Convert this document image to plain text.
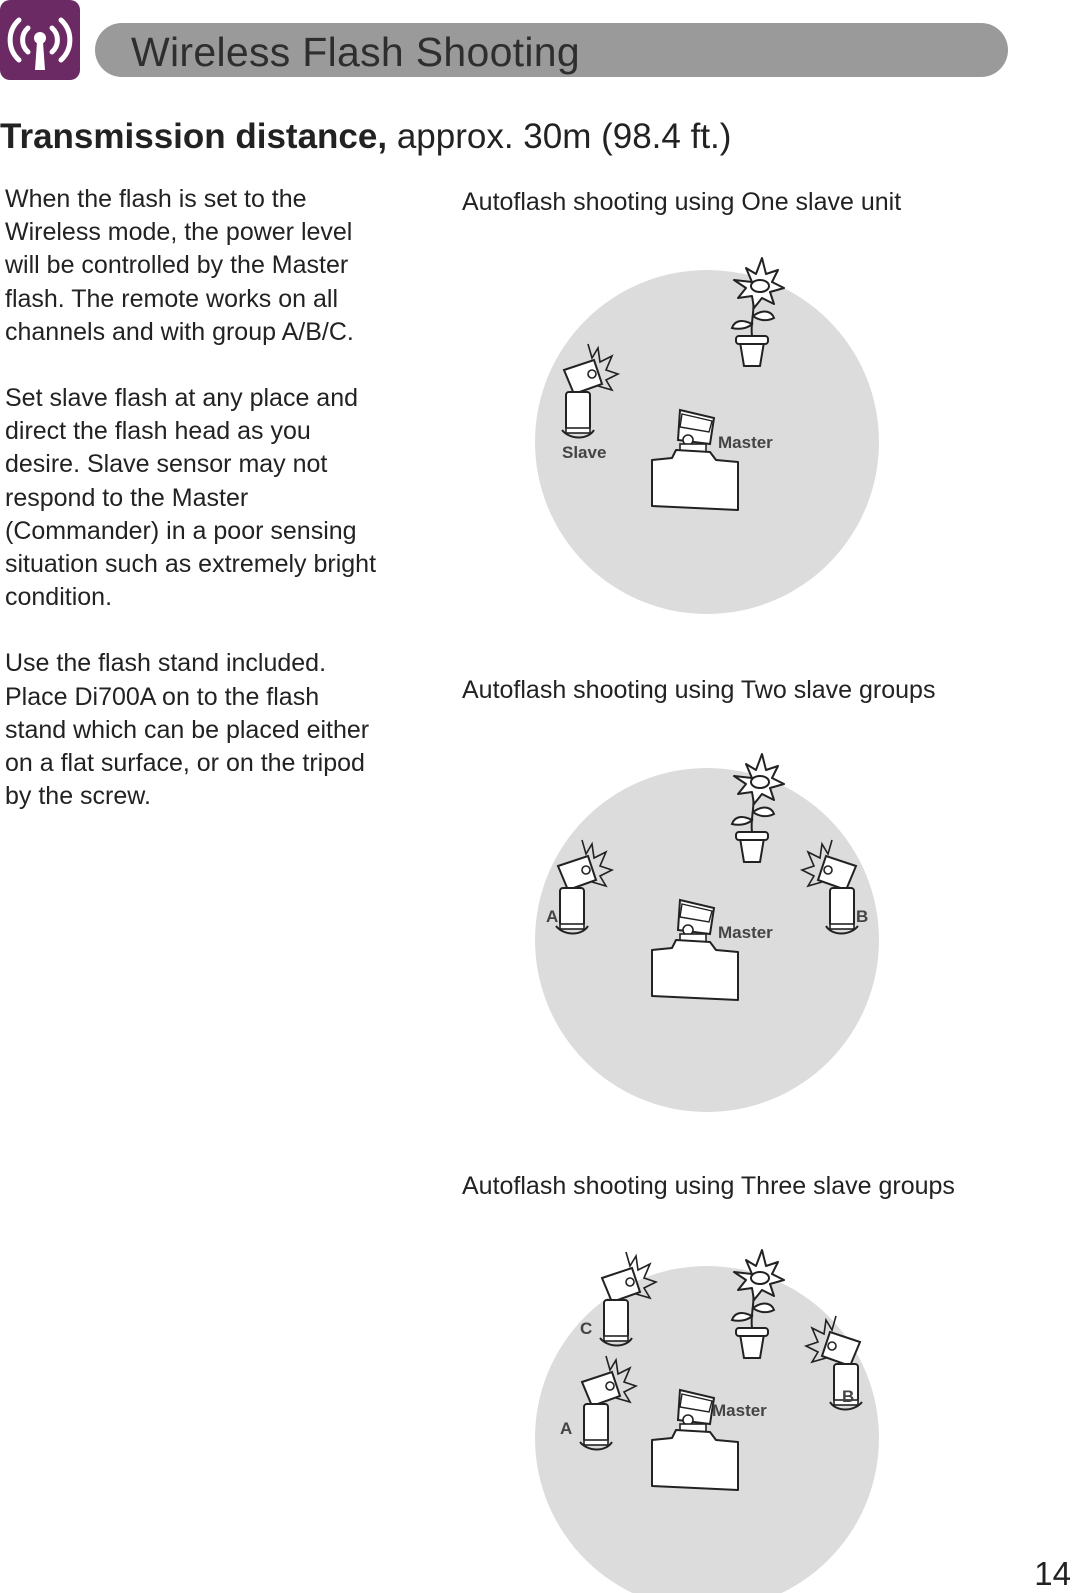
Wireless Flash Shooting
Transmission distance, approx. 30m (98.4 ft.)

When the flash is set to the
Wireless mode, the power level
will be controlled by the Master
flash. The remote works on all
channels and with group A/B/C.

Set slave flash at any place and
direct the flash head as you
desire. Slave sensor may not
respond to the Master
(Commander) in a poor sensing
situation such as extremely bright
condition.

Use the flash stand included.
Place Di700A on to the flash
stand which can be placed either
on a flat surface, or on the tripod
by the screw.

Autoflash shooting using One slave unit
Slave
Master
Autoflash shooting using Two slave groups
A	B
Master
Autoflash shooting using Three slave groups
C
A
B
Master
14
